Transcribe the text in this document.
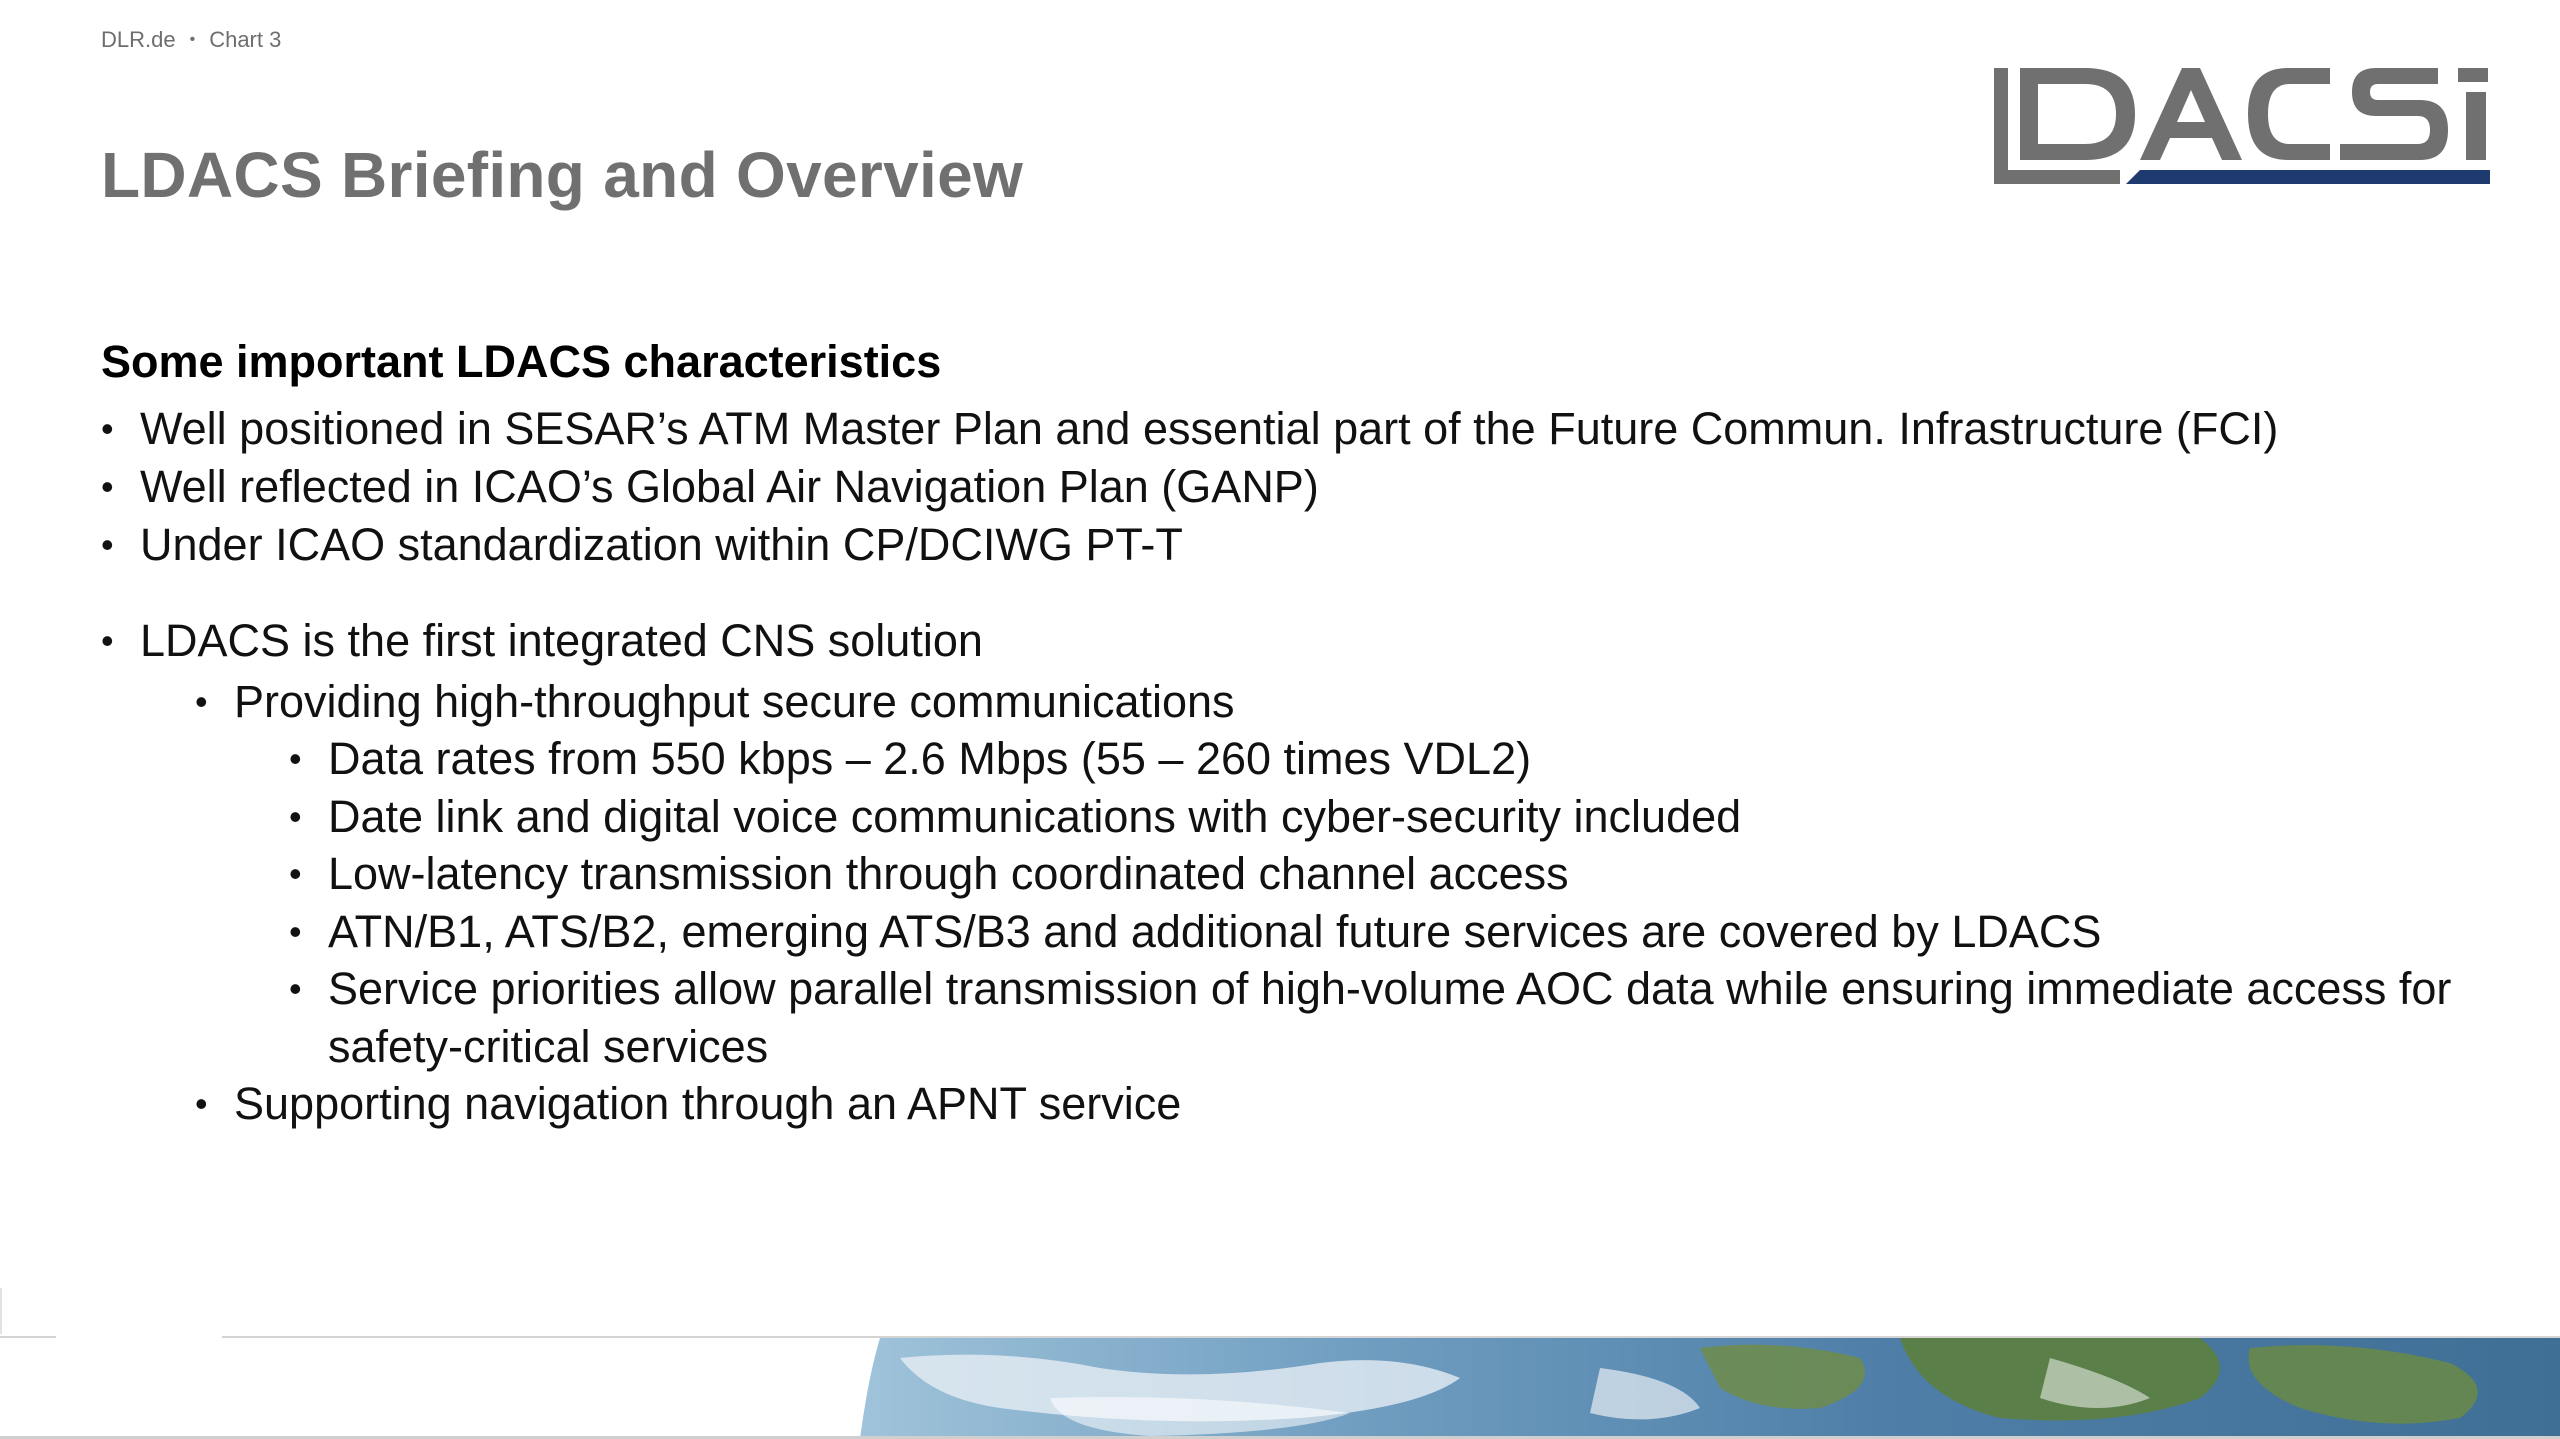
DLR.de • Chart 3
LDACS Briefing and Overview
Some important LDACS characteristics
• Well positioned in SESAR’s ATM Master Plan and essential part of the Future Commun. Infrastructure (FCI)
• Well reflected in ICAO’s Global Air Navigation Plan (GANP)
• Under ICAO standardization within CP/DCIWG PT-T
• LDACS is the first integrated CNS solution
• Providing high-throughput secure communications
• Data rates from 550 kbps – 2.6 Mbps (55 – 260 times VDL2)
• Date link and digital voice communications with cyber-security included
• Low-latency transmission through coordinated channel access
• ATN/B1, ATS/B2, emerging ATS/B3 and additional future services are covered by LDACS
• Service priorities allow parallel transmission of high-volume AOC data while ensuring immediate access for safety-critical services
• Supporting navigation through an APNT service
